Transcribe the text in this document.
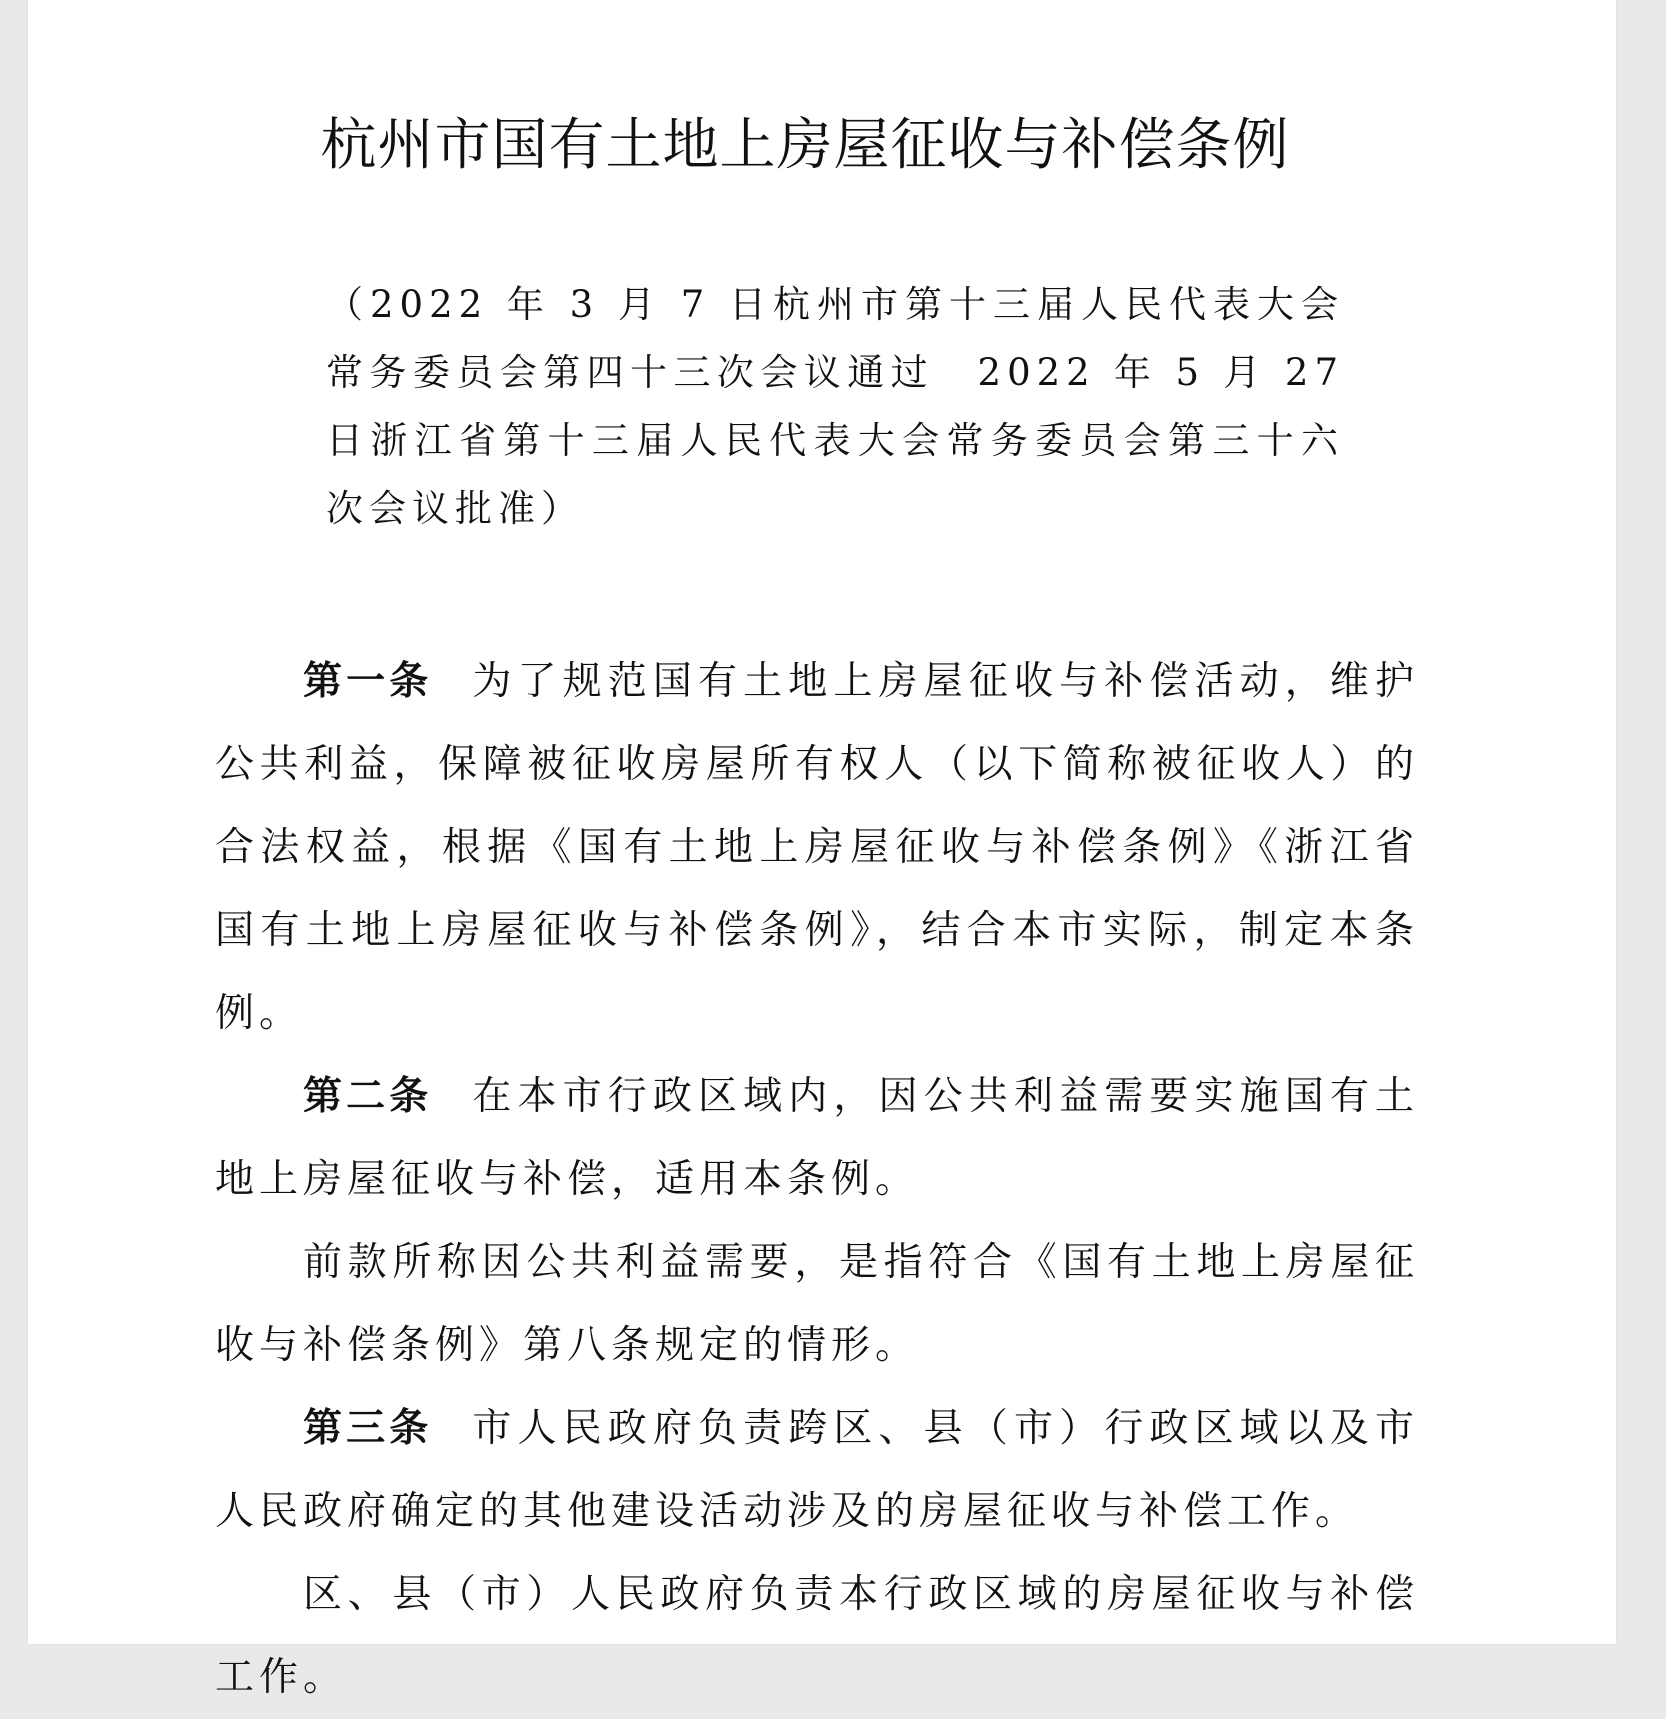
杭州市国有土地上房屋征收与补偿条例
（2022 年 3 月 7 日杭州市第十三届人民代表大会常务委员会第四十三次会议通过　2022 年 5 月 27 日浙江省第十三届人民代表大会常务委员会第三十六次会议批准）

第一条 为了规范国有土地上房屋征收与补偿活动，维护公共利益，保障被征收房屋所有权人（以下简称被征收人）的合法权益，根据《国有土地上房屋征收与补偿条例》《浙江省国有土地上房屋征收与补偿条例》，结合本市实际，制定本条例。

第二条 在本市行政区域内，因公共利益需要实施国有土地上房屋征收与补偿，适用本条例。

前款所称因公共利益需要，是指符合《国有土地上房屋征收与补偿条例》第八条规定的情形。

第三条 市人民政府负责跨区、县（市）行政区域以及市人民政府确定的其他建设活动涉及的房屋征收与补偿工作。

区、县（市）人民政府负责本行政区域的房屋征收与补偿工作。
